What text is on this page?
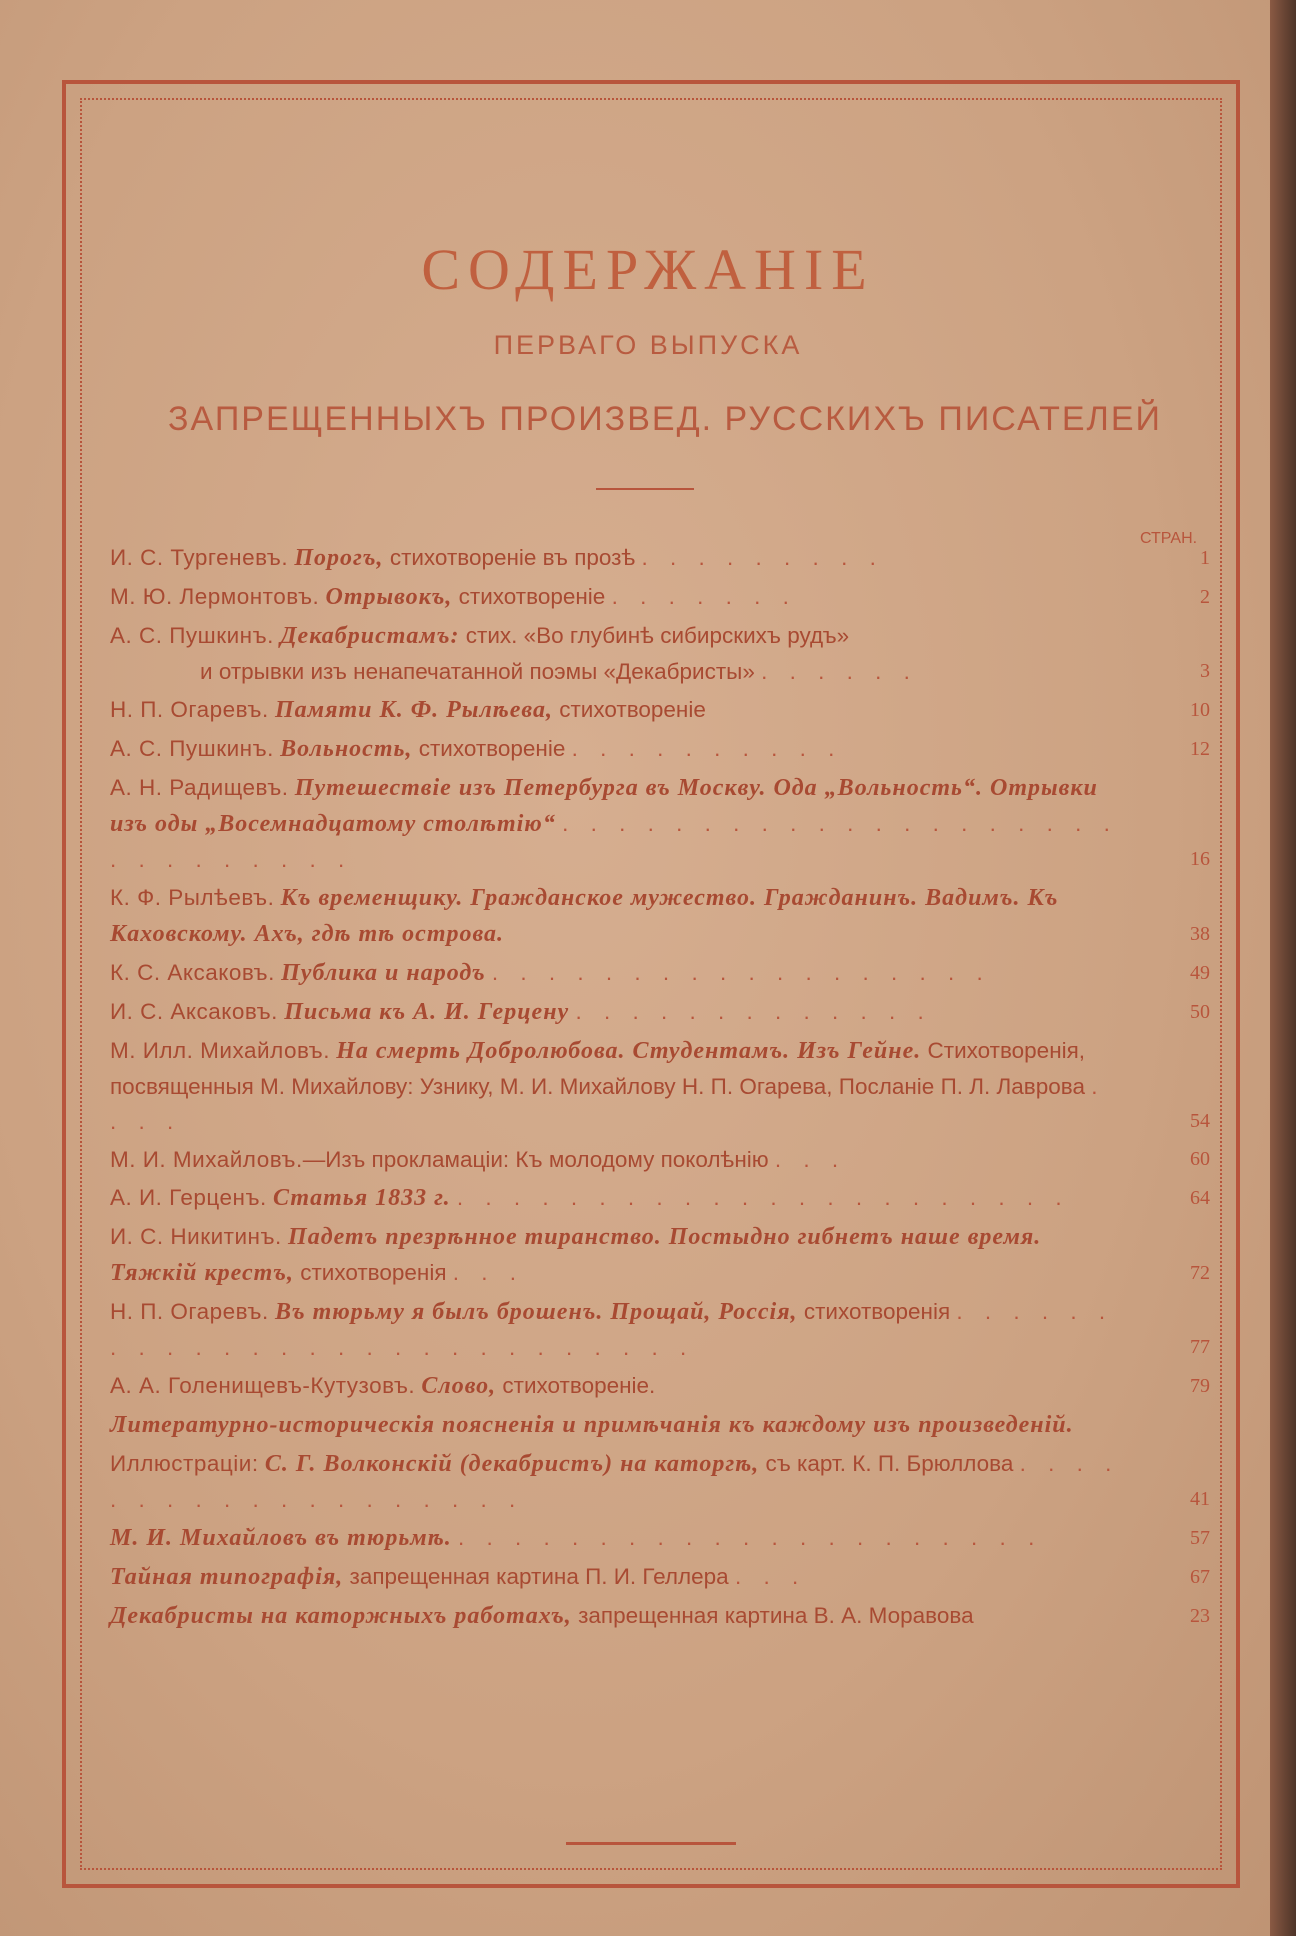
СОДЕРЖАНIЕ
ПЕРВАГО ВЫПУСКА
ЗАПРЕЩЕННЫХЪ ПРОИЗВЕД. РУССКИХЪ ПИСАТЕЛЕЙ
СТРАН.
И. С. Тургеневъ. Порогъ, стихотворенiе въ прозѣ . . . . . . . . .	1
М. Ю. Лермонтовъ. Отрывокъ, стихотворенiе . . . . . . .	2
А. С. Пушкинъ. Декабристамъ: стих. «Во глубинѣ сибирскихъ рудъ»
и отрывки изъ ненапечатанной поэмы «Декабристы» . . . . . .	3
Н. П. Огаревъ. Памяти К. Ф. Рылѣева, стихотворенiе	10
А. С. Пушкинъ. Вольность, стихотворенiе . . . . . . . . . .	12
А. Н. Радищевъ. Путешествiе изъ Петербурга въ Москву. Ода „Вольность“. Отрывки изъ оды „Восемнадцатому столѣтiю“ . . . . . . . . . . . . . . . . . . . . . . . . . . . . .	16
К. Ф. Рылѣевъ. Къ временщику. Гражданское мужество. Гражданинъ. Вадимъ. Къ Каховскому. Ахъ, гдѣ тѣ острова.	38
К. С. Аксаковъ. Публика и народъ . . . . . . . . . . . . . . . . . .	49
И. С. Аксаковъ. Письма къ А. И. Герцену . . . . . . . . . . . . .	50
М. Илл. Михайловъ. На смерть Добролюбова. Студентамъ. Изъ Гейне. Стихотворенiя, посвященныя М. Михайлову: Узнику, М. И. Михайлову Н. П. Огарева, Посланiе П. Л. Лаврова . . . .	54
М. И. Михайловъ.—Изъ прокламацiи: Къ молодому поколѣнiю . . .	60
А. И. Герценъ. Статья 1833 г. . . . . . . . . . . . . . . . . . . . . . .	64
И. С. Никитинъ. Падетъ презрѣнное тиранство. Постыдно гибнетъ наше время. Тяжкiй крестъ, стихотворенiя . . .	72
Н. П. Огаревъ. Въ тюрьму я былъ брошенъ. Прощай, Россiя, стихотворенiя . . . . . . . . . . . . . . . . . . . . . . . . . . .	77
А. А. Голенищевъ-Кутузовъ. Слово, стихотворенiе.	79
Литературно-историческiя поясненiя и примѣчанiя къ каждому изъ произведенiй.
Иллюстрацiи: С. Г. Волконскiй (декабристъ) на каторгѣ, съ карт. К. П. Брюллова . . . . . . . . . . . . . . . . . . .	41
М. И. Михайловъ въ тюрьмѣ. . . . . . . . . . . . . . . . . . . . . .	57
Тайная типографiя, запрещенная картина П. И. Геллера . . .	67
Декабристы на каторжныхъ работахъ, запрещенная картина В. А. Моравова	23
